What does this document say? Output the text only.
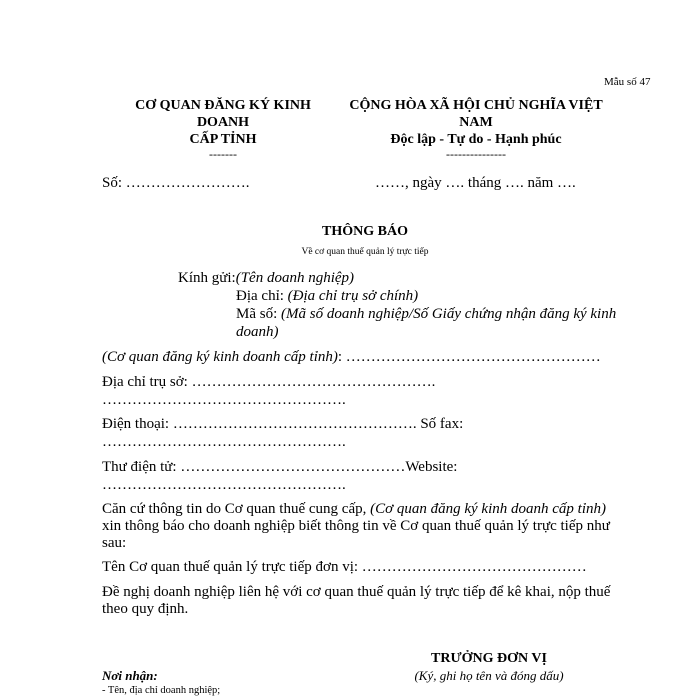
Mẫu số 47
CƠ QUAN ĐĂNG KÝ KINH
DOANH
CẤP TỈNH
-------
Số: …………………….
CỘNG HÒA XÃ HỘI CHỦ NGHĨA VIỆT
NAM
Độc lập - Tự do - Hạnh phúc
---------------
……, ngày …. tháng …. năm ….
THÔNG BÁO
Về cơ quan thuế quản lý trực tiếp
Kính gửi:(Tên doanh nghiệp)
Địa chỉ: (Địa chỉ trụ sở chính)
Mã số: (Mã số doanh nghiệp/Số Giấy chứng nhận đăng ký kinh
doanh)
(Cơ quan đăng ký kinh doanh cấp tỉnh): ……………………………………………
Địa chỉ trụ sở: ………………………………………….
………………………………………….
Điện thoại: …………………………………………. Số fax:
………………………………………….
Thư điện tử: ………………………………………Website:
………………………………………….
Căn cứ thông tin do Cơ quan thuế cung cấp, (Cơ quan đăng ký kinh doanh cấp tỉnh)
xin thông báo cho doanh nghiệp biết thông tin về Cơ quan thuế quản lý trực tiếp như
sau:
Tên Cơ quan thuế quản lý trực tiếp đơn vị: ………………………………………
Đề nghị doanh nghiệp liên hệ với cơ quan thuế quản lý trực tiếp để kê khai, nộp thuế
theo quy định.
TRƯỞNG ĐƠN VỊ
(Ký, ghi họ tên và đóng dấu)
Nơi nhận:
- Tên, địa chỉ doanh nghiệp;
